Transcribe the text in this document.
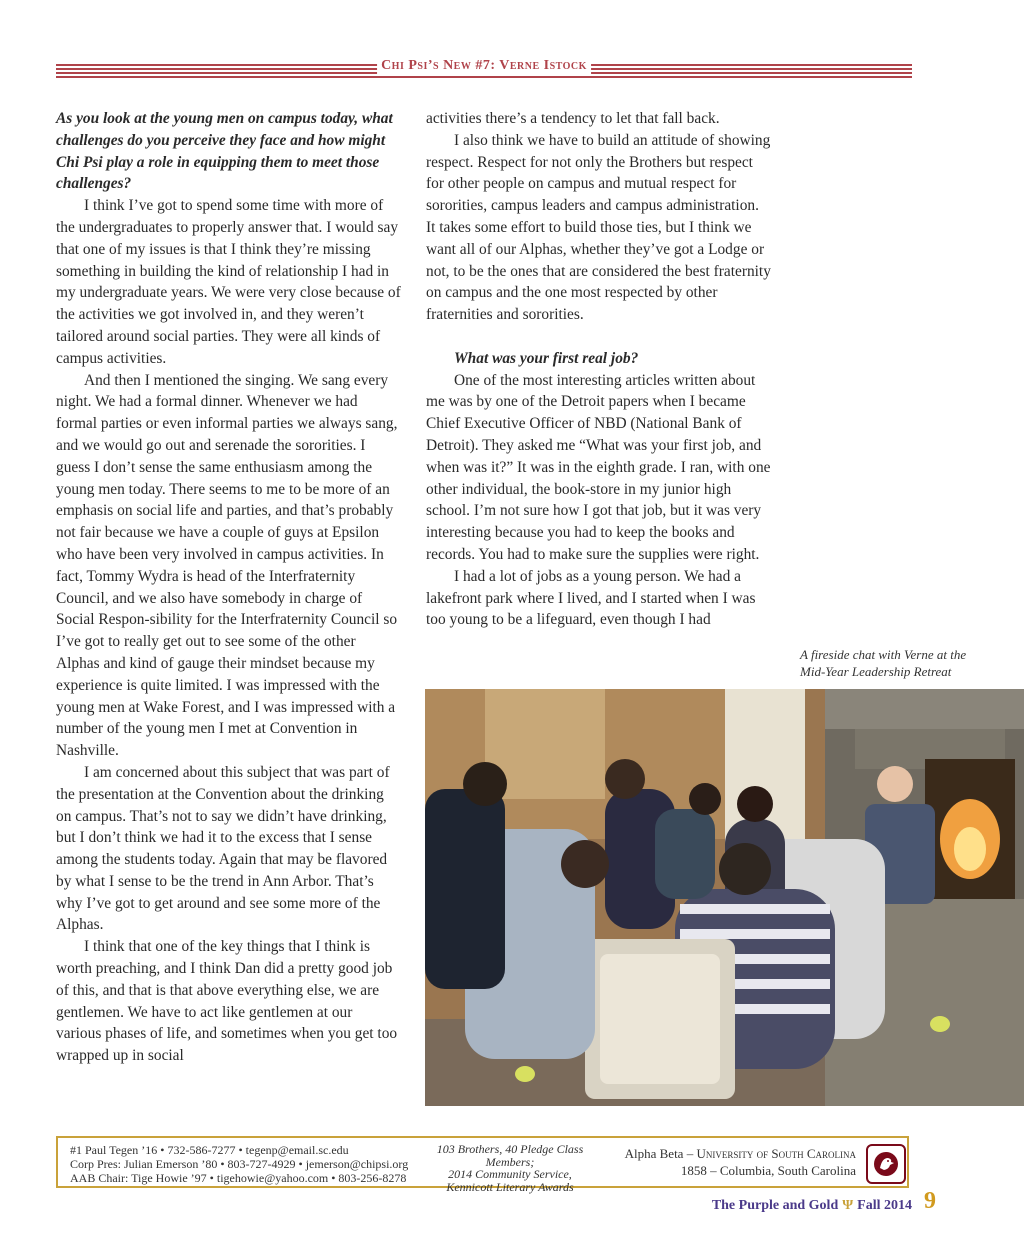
Chi Psi’s New #7: Verne Istock

As you look at the young men on campus today, what challenges do you perceive they face and how might Chi Psi play a role in equipping them to meet those challenges?

I think I’ve got to spend some time with more of the undergraduates to properly answer that. I would say that one of my issues is that I think they’re missing something in building the kind of relationship I had in my undergraduate years. We were very close because of the activities we got involved in, and they weren’t tailored around social parties. They were all kinds of campus activities.

And then I mentioned the singing. We sang every night. We had a formal dinner. Whenever we had formal parties or even informal parties we always sang, and we would go out and serenade the sororities. I guess I don’t sense the same enthusiasm among the young men today. There seems to me to be more of an emphasis on social life and parties, and that’s probably not fair because we have a couple of guys at Epsilon who have been very involved in campus activities. In fact, Tommy Wydra is head of the Interfraternity Council, and we also have somebody in charge of Social Respon-sibility for the Interfraternity Council so I’ve got to really get out to see some of the other Alphas and kind of gauge their mindset because my experience is quite limited. I was impressed with the young men at Wake Forest, and I was impressed with a number of the young men I met at Convention in Nashville.

I am concerned about this subject that was part of the presentation at the Convention about the drinking on campus. That’s not to say we didn’t have drinking, but I don’t think we had it to the excess that I sense among the students today. Again that may be flavored by what I sense to be the trend in Ann Arbor. That’s why I’ve got to get around and see some more of the Alphas.

I think that one of the key things that I think is worth preaching, and I think Dan did a pretty good job of this, and that is that above everything else, we are gentlemen. We have to act like gentlemen at our various phases of life, and sometimes when you get too wrapped up in social

activities there’s a tendency to let that fall back.

I also think we have to build an attitude of showing respect. Respect for not only the Brothers but respect for other people on campus and mutual respect for sororities, campus leaders and campus administration. It takes some effort to build those ties, but I think we want all of our Alphas, whether they’ve got a Lodge or not, to be the ones that are considered the best fraternity on campus and the one most respected by other fraternities and sororities.

What was your first real job?

One of the most interesting articles written about me was by one of the Detroit papers when I became Chief Executive Officer of NBD (National Bank of Detroit). They asked me “What was your first job, and when was it?” It was in the eighth grade. I ran, with one other individual, the book-store in my junior high school. I’m not sure how I got that job, but it was very interesting because you had to keep the books and records. You had to make sure the supplies were right.

I had a lot of jobs as a young person. We had a lakefront park where I lived, and I started when I was too young to be a lifeguard, even though I had

A fireside chat with Verne at the
Mid-Year Leadership Retreat
#1 Paul Tegen ’16 • 732-586-7277 • tegenp@email.sc.edu
Corp Pres: Julian Emerson ’80 • 803-727-4929 • jemerson@chipsi.org
AAB Chair: Tige Howie ’97 • tigehowie@yahoo.com • 803-256-8278
103 Brothers, 40 Pledge Class Members;
2014 Community Service,
Kennicott Literary Awards
Alpha Beta – University of South Carolina
1858 – Columbia, South Carolina
The Purple and Gold Ψ Fall 2014 9
